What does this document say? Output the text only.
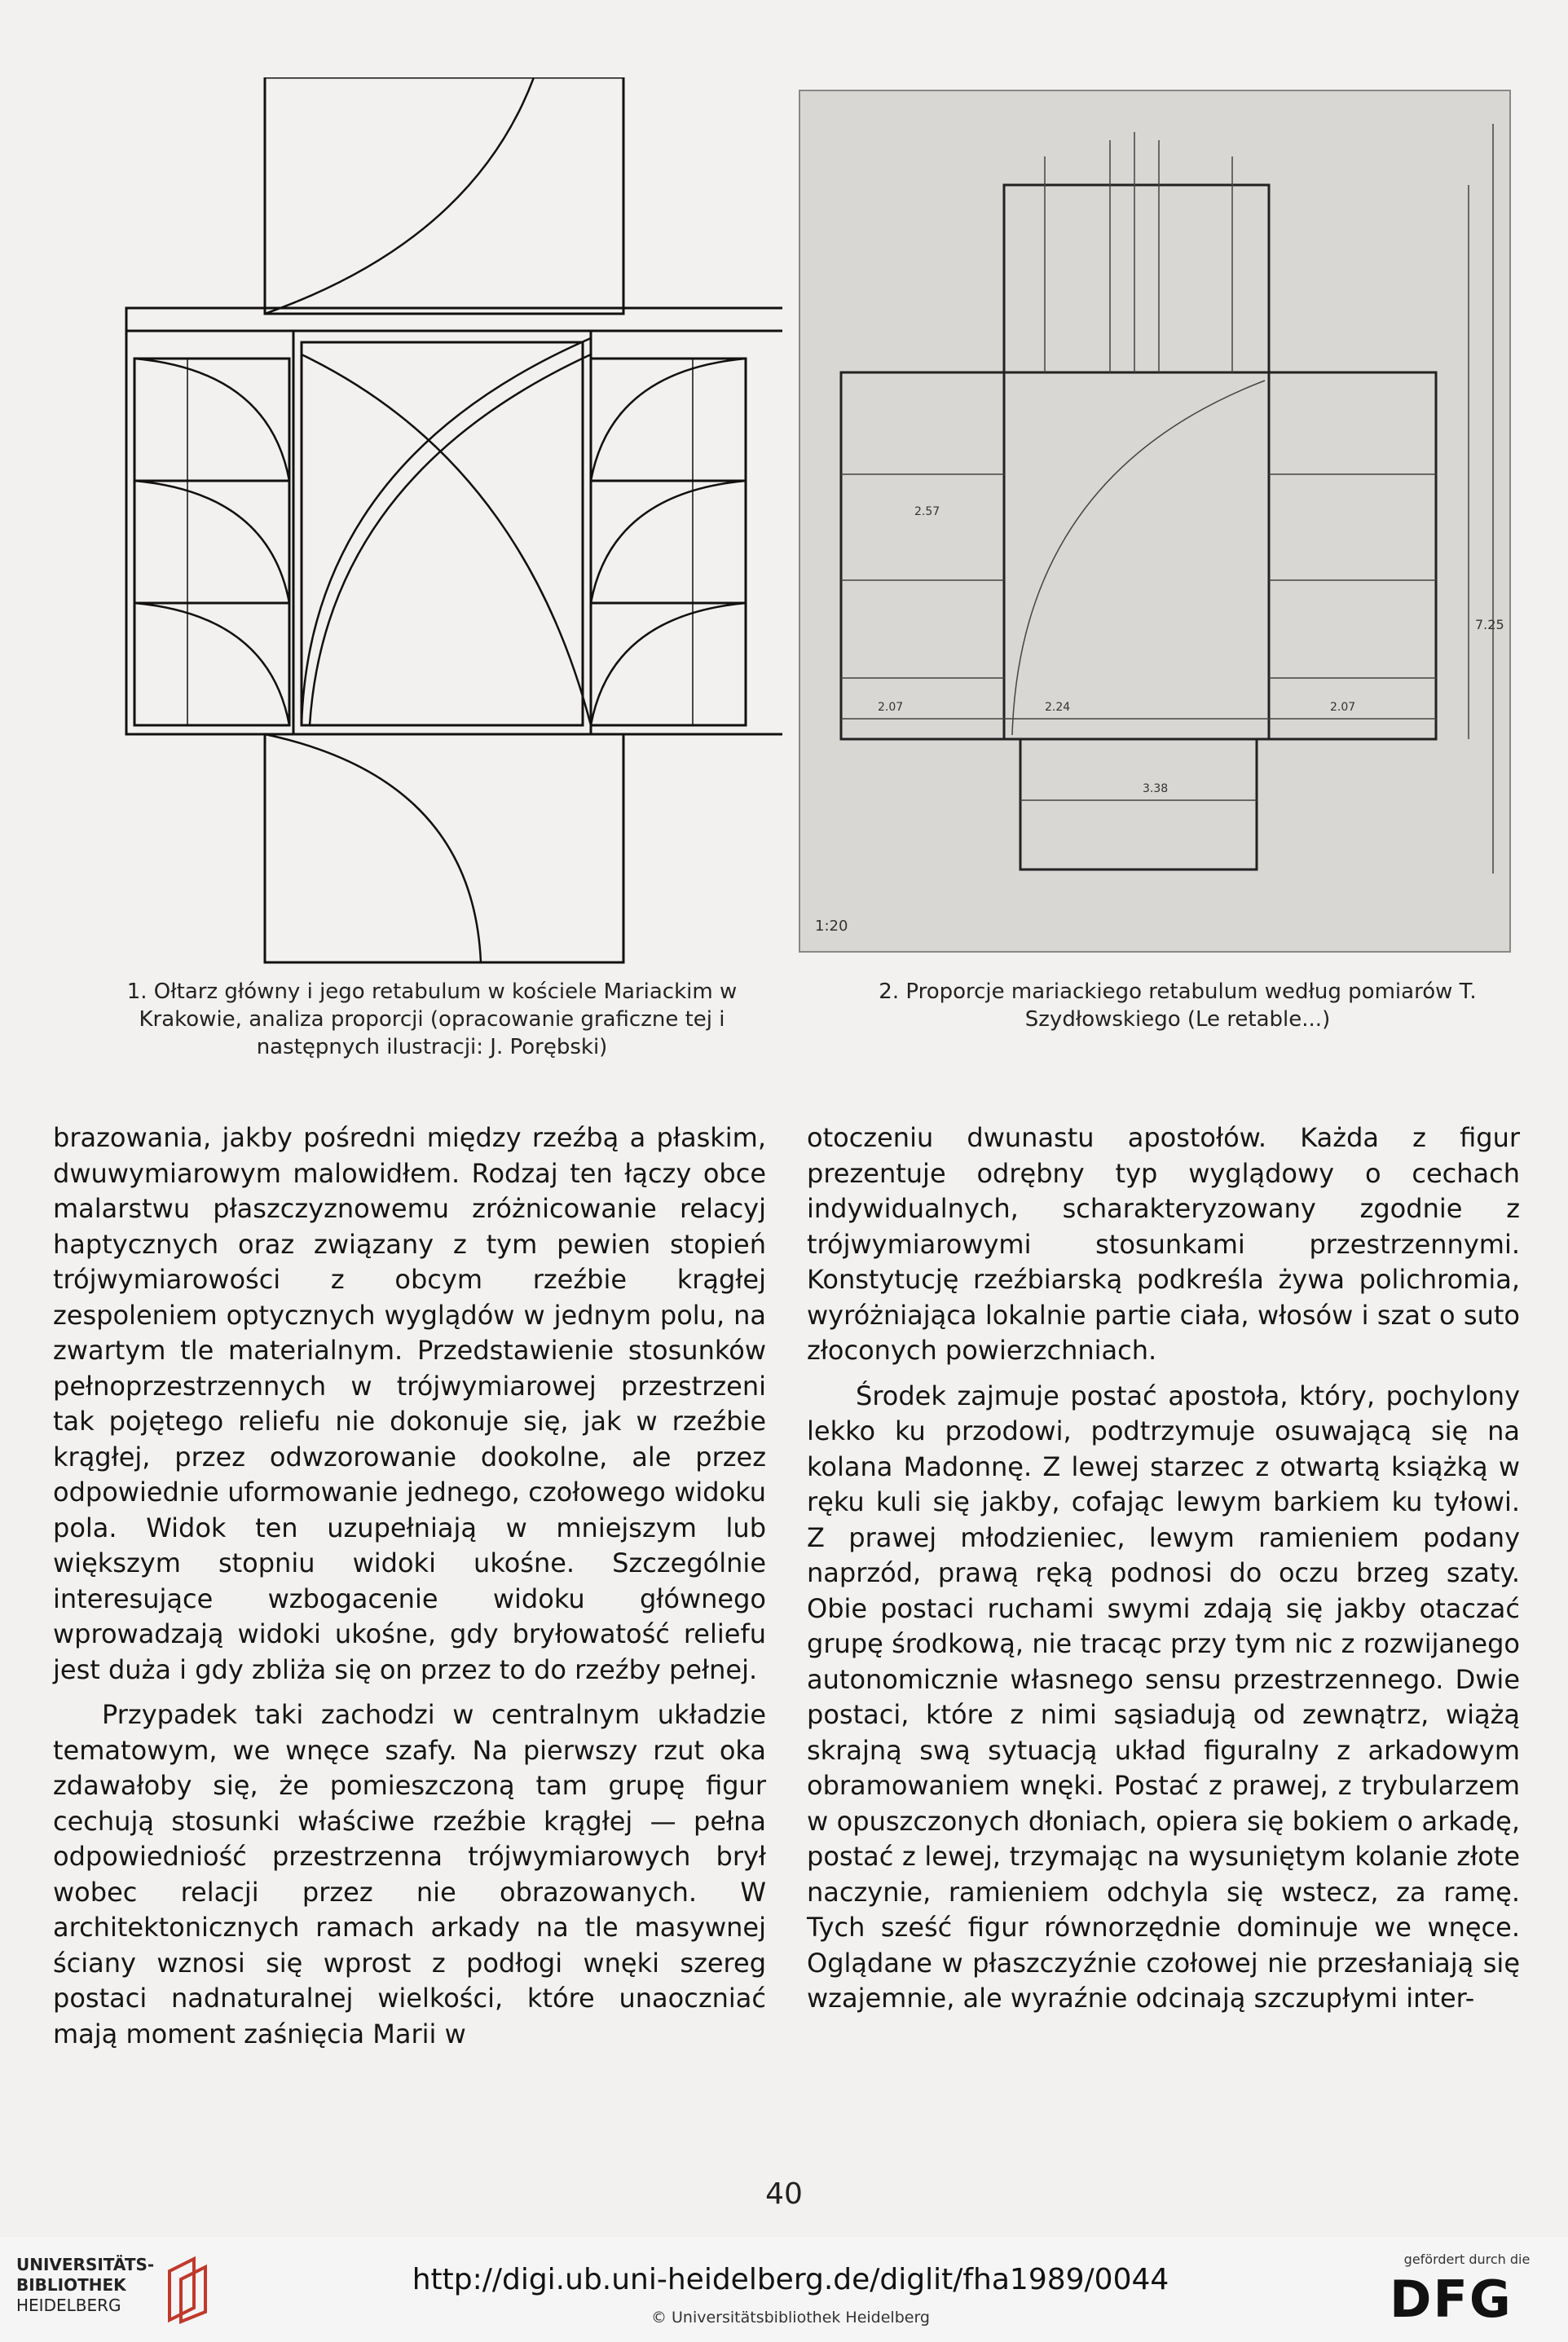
1:20
7.25
2.57
2.07	2.24	2.07
3.38
1. Ołtarz główny i jego retabulum w kościele Mariackim w Krakowie, analiza proporcji (opracowanie graficzne tej i następnych ilustracji: J. Porębski)
2. Proporcje mariackiego retabulum według pomiarów T. Szydłowskiego (Le retable...)

brazowania, jakby pośredni między rzeźbą a płaskim, dwuwymiarowym malowidłem. Rodzaj ten łączy obce malarstwu płaszczyznowemu zróżnicowanie relacyj haptycznych oraz związany z tym pewien stopień trójwymiarowości z obcym rzeźbie krągłej zespoleniem optycznych wyglądów w jednym polu, na zwartym tle materialnym. Przedstawienie stosunków pełnoprzestrzennych w trójwymiarowej przestrzeni tak pojętego reliefu nie dokonuje się, jak w rzeźbie krągłej, przez odwzorowanie dookolne, ale przez odpowiednie uformowanie jednego, czołowego widoku pola. Widok ten uzupełniają w mniejszym lub większym stopniu widoki ukośne. Szczególnie interesujące wzbogacenie widoku głównego wprowadzają widoki ukośne, gdy bryłowatość reliefu jest duża i gdy zbliża się on przez to do rzeźby pełnej.

Przypadek taki zachodzi w centralnym układzie tematowym, we wnęce szafy. Na pierwszy rzut oka zdawałoby się, że pomieszczoną tam grupę figur cechują stosunki właściwe rzeźbie krągłej — pełna odpowiedniość przestrzenna trójwymiarowych brył wobec relacji przez nie obrazowanych. W architektonicznych ramach arkady na tle masywnej ściany wznosi się wprost z podłogi wnęki szereg postaci nadnaturalnej wielkości, które unaoczniać mają moment zaśnięcia Marii w

otoczeniu dwunastu apostołów. Każda z figur prezentuje odrębny typ wyglądowy o cechach indywidualnych, scharakteryzowany zgodnie z trójwymiarowymi stosunkami przestrzennymi. Konstytucję rzeźbiarską podkreśla żywa polichromia, wyróżniająca lokalnie partie ciała, włosów i szat o suto złoconych powierzchniach.

Środek zajmuje postać apostoła, który, pochylony lekko ku przodowi, podtrzymuje osuwającą się na kolana Madonnę. Z lewej starzec z otwartą książką w ręku kuli się jakby, cofając lewym barkiem ku tyłowi. Z prawej młodzieniec, lewym ramieniem podany naprzód, prawą ręką podnosi do oczu brzeg szaty. Obie postaci ruchami swymi zdają się jakby otaczać grupę środkową, nie tracąc przy tym nic z rozwijanego autonomicznie własnego sensu przestrzennego. Dwie postaci, które z nimi sąsiadują od zewnątrz, wiążą skrajną swą sytuacją układ figuralny z arkadowym obramowaniem wnęki. Postać z prawej, z trybularzem w opuszczonych dłoniach, opiera się bokiem o arkadę, postać z lewej, trzymając na wysuniętym kolanie złote naczynie, ramieniem odchyla się wstecz, za ramę. Tych sześć figur równorzędnie dominuje we wnęce. Oglądane w płaszczyźnie czołowej nie przesłaniają się wzajemnie, ale wyraźnie odcinają szczupłymi inter-

40
UNIVERSITÄTS-
BIBLIOTHEK
HEIDELBERG
http://digi.ub.uni-heidelberg.de/diglit/fha1989/0044
© Universitätsbibliothek Heidelberg
gefördert durch die
DFG
